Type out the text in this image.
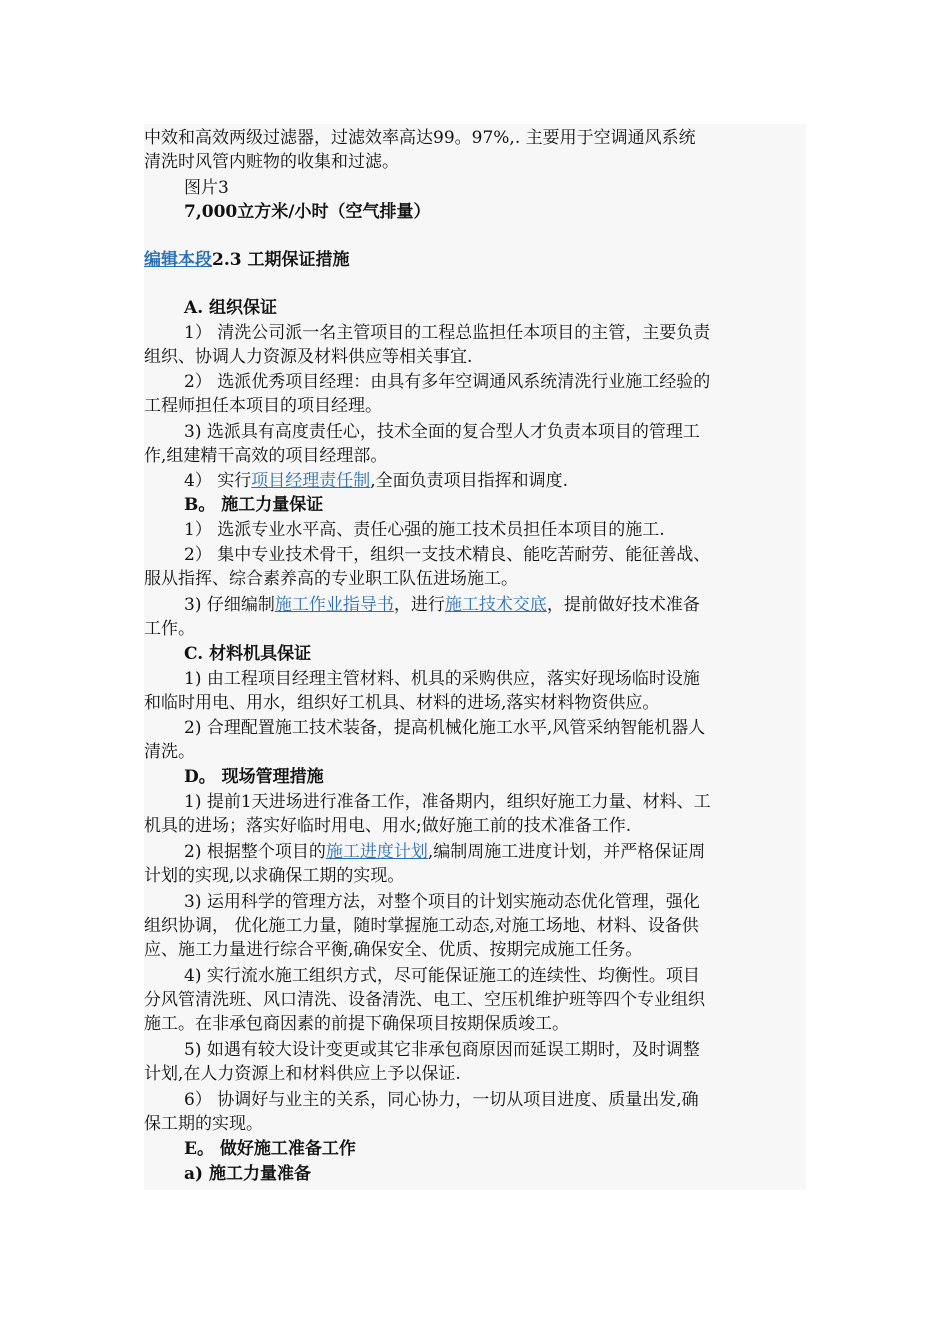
中效和高效两级过滤器，过滤效率高达99。97%,. 主要用于空调通风系统
清洗时风管内赃物的收集和过滤。
图片3
7,000立方米/小时（空气排量）
编辑本段2.3 工期保证措施
A. 组织保证
1） 清洗公司派一名主管项目的工程总监担任本项目的主管，主要负责
组织、协调人力资源及材料供应等相关事宜.
2） 选派优秀项目经理：由具有多年空调通风系统清洗行业施工经验的
工程师担任本项目的项目经理。
3) 选派具有高度责任心，技术全面的复合型人才负责本项目的管理工
作,组建精干高效的项目经理部。
4） 实行项目经理责任制,全面负责项目指挥和调度.
B。 施工力量保证
1） 选派专业水平高、责任心强的施工技术员担任本项目的施工.
2） 集中专业技术骨干，组织一支技术精良、能吃苦耐劳、能征善战、
服从指挥、综合素养高的专业职工队伍进场施工。
3) 仔细编制施工作业指导书，进行施工技术交底，提前做好技术准备
工作。
C. 材料机具保证
1) 由工程项目经理主管材料、机具的采购供应，落实好现场临时设施
和临时用电、用水，组织好工机具、材料的进场,落实材料物资供应。
2) 合理配置施工技术装备，提高机械化施工水平,风管采纳智能机器人
清洗。
D。 现场管理措施
1) 提前1天进场进行准备工作，准备期内，组织好施工力量、材料、工
机具的进场；落实好临时用电、用水;做好施工前的技术准备工作.
2) 根据整个项目的施工进度计划,编制周施工进度计划，并严格保证周
计划的实现,以求确保工期的实现。
3) 运用科学的管理方法，对整个项目的计划实施动态优化管理，强化
组织协调， 优化施工力量，随时掌握施工动态,对施工场地、材料、设备供
应、施工力量进行综合平衡,确保安全、优质、按期完成施工任务。
4) 实行流水施工组织方式，尽可能保证施工的连续性、均衡性。项目
分风管清洗班、风口清洗、设备清洗、电工、空压机维护班等四个专业组织
施工。在非承包商因素的前提下确保项目按期保质竣工。
5) 如遇有较大设计变更或其它非承包商原因而延误工期时，及时调整
计划,在人力资源上和材料供应上予以保证.
6） 协调好与业主的关系，同心协力，一切从项目进度、质量出发,确
保工期的实现。
E。 做好施工准备工作
a) 施工力量准备
